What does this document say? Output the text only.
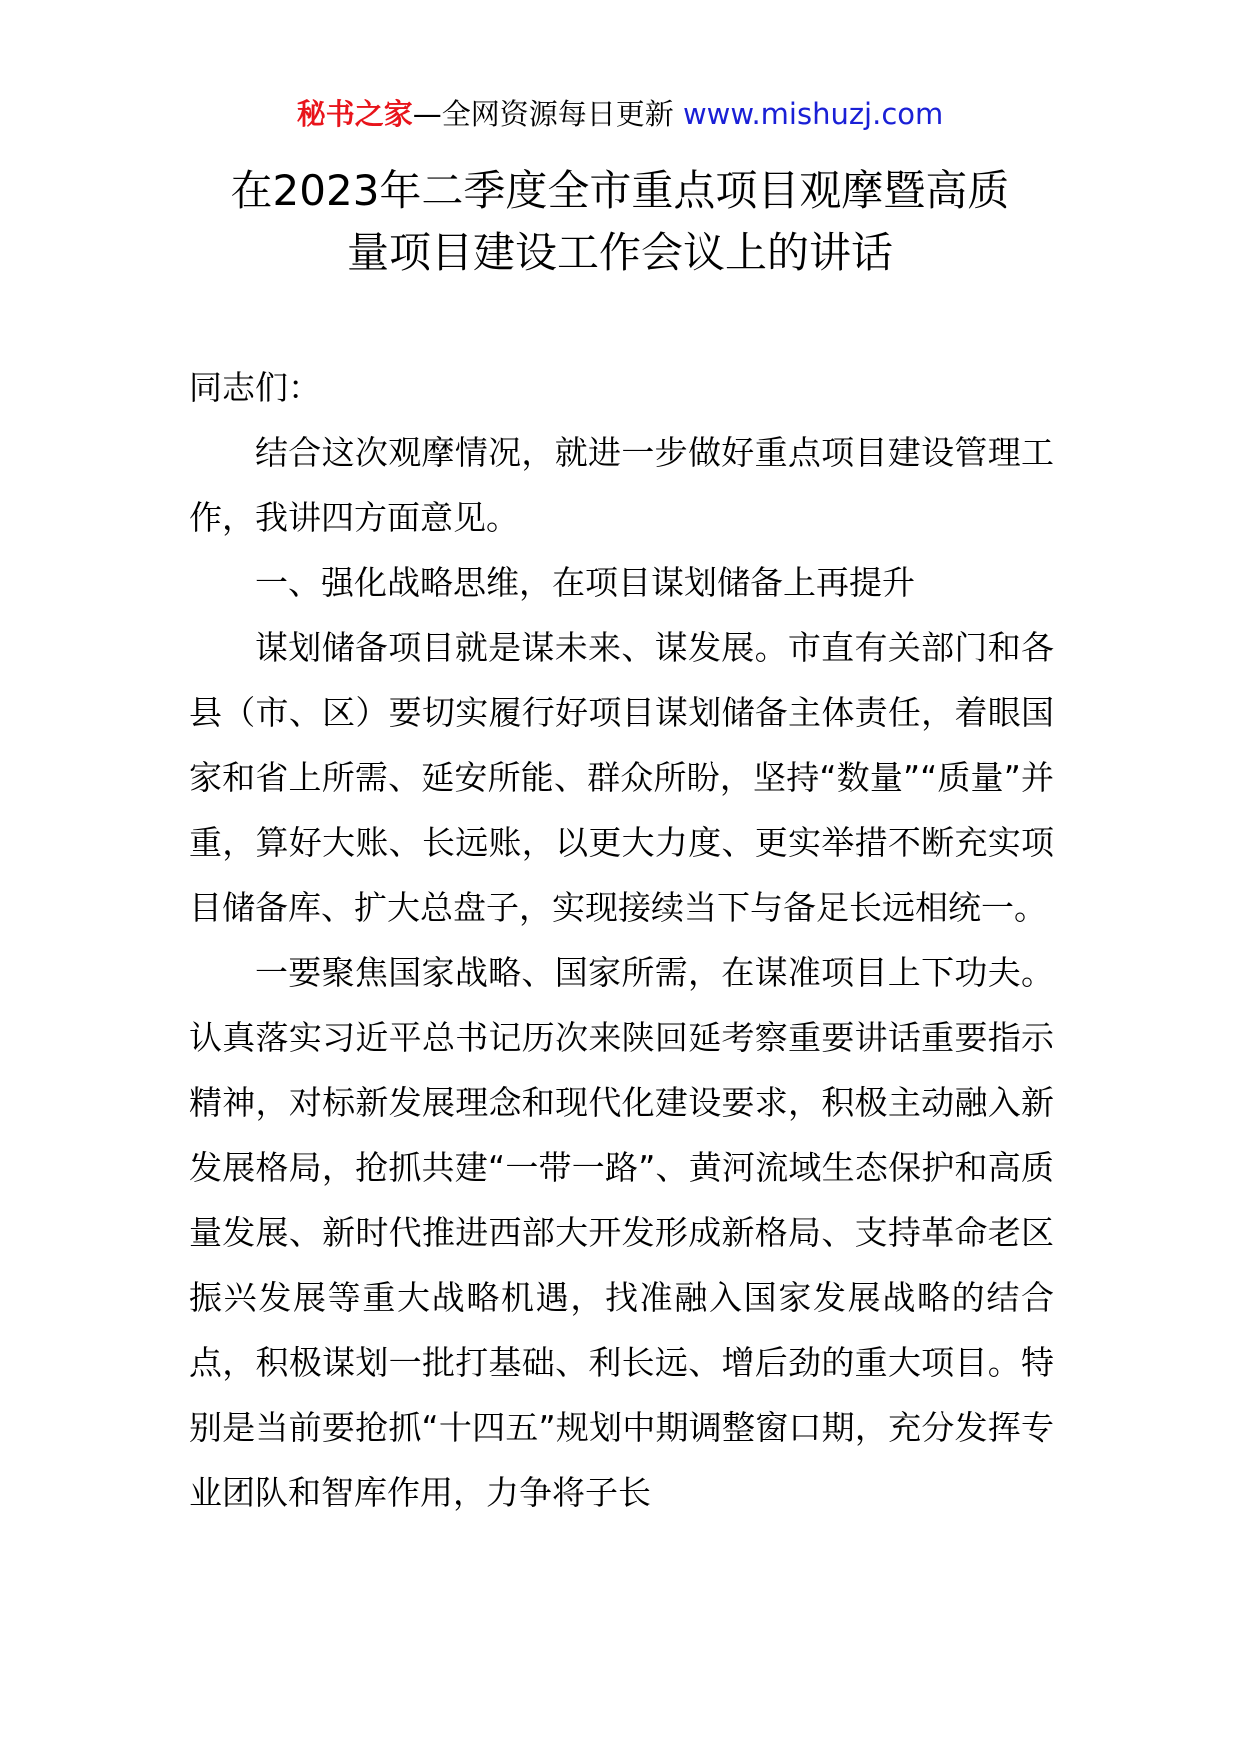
秘书之家—全网资源每日更新 www.mishuzj.com
在2023年二季度全市重点项目观摩暨高质
量项目建设工作会议上的讲话

同志们：

结合这次观摩情况，就进一步做好重点项目建设管理工作，我讲四方面意见。

一、强化战略思维，在项目谋划储备上再提升

谋划储备项目就是谋未来、谋发展。市直有关部门和各县（市、区）要切实履行好项目谋划储备主体责任，着眼国家和省上所需、延安所能、群众所盼，坚持“数量”“质量”并重，算好大账、长远账，以更大力度、更实举措不断充实项目储备库、扩大总盘子，实现接续当下与备足长远相统一。

一要聚焦国家战略、国家所需，在谋准项目上下功夫。认真落实习近平总书记历次来陕回延考察重要讲话重要指示精神，对标新发展理念和现代化建设要求，积极主动融入新发展格局，抢抓共建“一带一路”、黄河流域生态保护和高质量发展、新时代推进西部大开发形成新格局、支持革命老区振兴发展等重大战略机遇，找准融入国家发展战略的结合点，积极谋划一批打基础、利长远、增后劲的重大项目。特别是当前要抢抓“十四五”规划中期调整窗口期，充分发挥专业团队和智库作用，力争将子长
